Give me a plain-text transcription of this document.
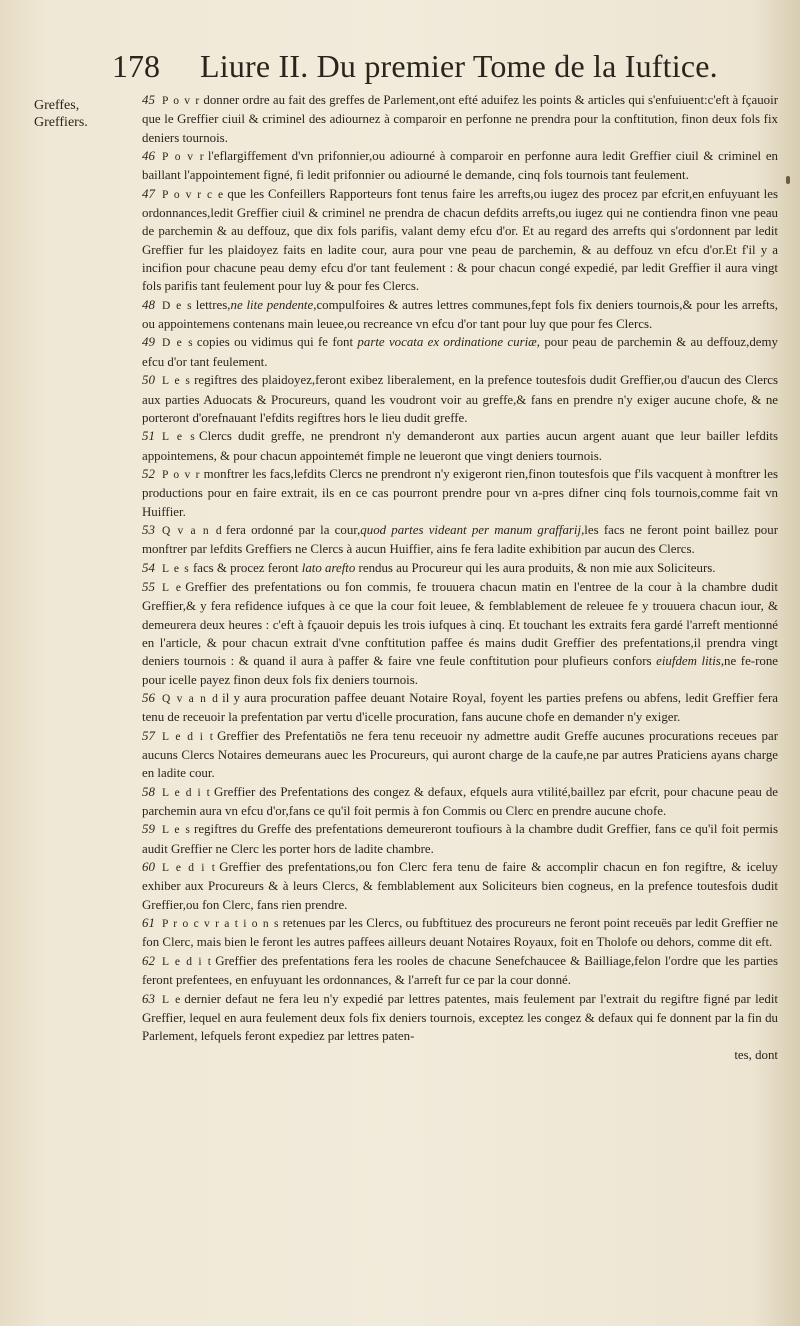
178 Liure II. Du premier Tome de la Iuftice.
Greffes, Greffiers.

45 P o v r donner ordre au fait des greffes de Parlement,ont efté aduifez les points & articles qui s'enfuiuent:c'eft à fçauoir que le Greffier ciuil & criminel des adiournez à comparoir en perfonne ne prendra pour la conftitution, finon deux fols fix deniers tournois.

46 P o v r l'eflargiffement d'vn prifonnier,ou adiourné à comparoir en perfonne aura ledit Greffier ciuil & criminel en baillant l'appointement figné, fi ledit prifonnier ou adiourné le demande, cinq fols tournois tant feulement.

47 P o v r c e que les Confeillers Rapporteurs font tenus faire les arrefts,ou iugez des procez par efcrit,en enfuyuant les ordonnances,ledit Greffier ciuil & criminel ne prendra de chacun defdits arrefts,ou iugez qui ne contiendra finon vne peau de parchemin & au deffouz, que dix fols parifis, valant demy efcu d'or. Et au regard des arrefts qui s'ordonnent par ledit Greffier fur les plaidoyez faits en ladite cour, aura pour vne peau de parchemin, & au deffouz vn efcu d'or.Et f'il y a incifion pour chacune peau demy efcu d'or tant feulement : & pour chacun congé expedié, par ledit Greffier il aura vingt fols parifis tant feulement pour luy & pour fes Clercs.

48 D e s lettres,ne lite pendente,compulfoires & autres lettres communes,fept fols fix deniers tournois,& pour les arrefts, ou appointemens contenans main leuee,ou recreance vn efcu d'or tant pour luy que pour fes Clercs.

49 D e s copies ou vidimus qui fe font parte vocata ex ordinatione curiæ, pour peau de parchemin & au deffouz,demy efcu d'or tant feulement.

50 L e s regiftres des plaidoyez,feront exibez liberalement, en la prefence toutesfois dudit Greffier,ou d'aucun des Clercs aux parties Aduocats & Procureurs, quand les voudront voir au greffe,& fans en prendre n'y exiger aucune chofe, & ne porteront d'orefnauant l'efdits regiftres hors le lieu dudit greffe.

51 L e s Clercs dudit greffe, ne prendront n'y demanderont aux parties aucun argent auant que leur bailler lefdits appointemens, & pour chacun appointemét fimple ne leueront que vingt deniers tournois.

52 P o v r monftrer les facs,lefdits Clercs ne prendront n'y exigeront rien,finon toutesfois que f'ils vacquent à monftrer les productions pour en faire extrait, ils en ce cas pourront prendre pour vn a-pres difner cinq fols tournois,comme fait vn Huiffier.

53 Q v a n d fera ordonné par la cour,quod partes videant per manum graffarij,les facs ne feront point baillez pour monftrer par lefdits Greffiers ne Clercs à aucun Huiffier, ains fe fera ladite exhibition par aucun des Clercs.

54 L e s facs & procez feront lato arefto rendus au Procureur qui les aura produits, & non mie aux Soliciteurs.

55 L e Greffier des prefentations ou fon commis, fe trouuera chacun matin en l'entree de la cour à la chambre dudit Greffier,& y fera refidence iufques à ce que la cour foit leuee, & femblablement de releuee fe y trouuera chacun iour, & demeurera deux heures : c'eft à fçauoir depuis les trois iufques à cinq. Et touchant les extraits fera gardé l'arreft mentionné en l'article, & pour chacun extrait d'vne conftitution paffee és mains dudit Greffier des prefentations,il prendra vingt deniers tournois : & quand il aura à paffer & faire vne feule conftitution pour plufieurs confors eiufdem litis,ne fe-rone pour icelle payez finon deux fols fix deniers tournois.

56 Q v a n d il y aura procuration paffee deuant Notaire Royal, foyent les parties prefens ou abfens, ledit Greffier fera tenu de receuoir la prefentation par vertu d'icelle procuration, fans aucune chofe en demander n'y exiger.

57 L e d i t Greffier des Prefentatiõs ne fera tenu receuoir ny admettre audit Greffe aucunes procurations receues par aucuns Clercs Notaires demeurans auec les Procureurs, qui auront charge de la caufe,ne par autres Praticiens ayans charge en ladite cour.

58 L e d i t Greffier des Prefentations des congez & defaux, efquels aura vtilité,baillez par efcrit, pour chacune peau de parchemin aura vn efcu d'or,fans ce qu'il foit permis à fon Commis ou Clerc en prendre aucune chofe.

59 L e s regiftres du Greffe des prefentations demeureront toufiours à la chambre dudit Greffier, fans ce qu'il foit permis audit Greffier ne Clerc les porter hors de ladite chambre.

60 L e d i t Greffier des prefentations,ou fon Clerc fera tenu de faire & accomplir chacun en fon regiftre, & iceluy exhiber aux Procureurs & à leurs Clercs, & femblablement aux Soliciteurs bien cogneus, en la prefence toutesfois dudit Greffier,ou fon Clerc, fans rien prendre.

61 P r o c v r a t i o n s retenues par les Clercs, ou fubftituez des procureurs ne feront point receuës par ledit Greffier ne fon Clerc, mais bien le feront les autres paffees ailleurs deuant Notaires Royaux, foit en Tholofe ou dehors, comme dit eft.

62 L e d i t Greffier des prefentations fera les rooles de chacune Senefchaucee & Bailliage,felon l'ordre que les parties feront prefentees, en enfuyuant les ordonnances, & l'arreft fur ce par la cour donné.

63 L e dernier defaut ne fera leu n'y expedié par lettres patentes, mais feulement par l'extrait du regiftre figné par ledit Greffier, lequel en aura feulement deux fols fix deniers tournois, exceptez les congez & defaux qui fe donnent par la fin du Parlement, lefquels feront expediez par lettres paten-

tes, dont
